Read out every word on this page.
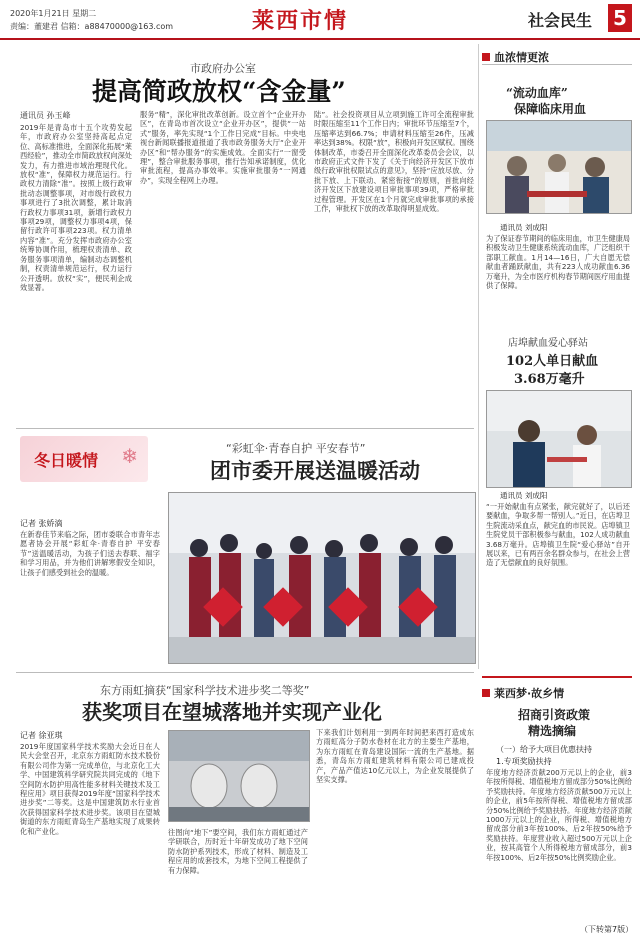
2020年1月21日 星期二
责编：董建君 信箱：a88470000@163.com	莱西市情	社会民生 5
市政府办公室
提高简政放权“含金量”
通讯员 孙玉峰
2019年是青岛市十五个攻势发起年，市政府办公室坚持高起点定位、高标准推进，全面深化拓展“莱西经验”，推动全市简政放权向深处发力，有力推进市域治理现代化。放权“准”，保障权力规范运行。行政权力清除“准”。按照上级行政审批动态调整事项，对市级行政权力事项进行了3批次调整，累计取消行政权力事项31项，新增行政权力事项29项，调整权力事项4项，保留行政许可事项223项。权力清单内容“准”。充分发挥市政府办公室统筹协调作用，梳理权责清单、政务服务事项清单，编制动态调整机制，权责清单规范运行，权力运行公开透明。放权“实”，便民利企成效显著。
服务“精”，深化审批改革创新。设立首个“企业开办区”，在青岛市首次设立“企业开办区”，提供“一站式”服务，率先实现“1个工作日完成”目标。中央电视台新闻联播报道报道了我市政务服务大厅“企业开办区”和“帮办服务”的实施成效。全面实行“一窗受理”，整合审批服务事项，推行告知承诺制度，优化审批流程，提高办事效率。实施审批服务“一网通办”，实现全程网上办理。
陆”。社会投资项目从立项到施工许可全流程审批时限压缩至11个工作日内；审批环节压缩至7个，压缩率达到66.7%；申请材料压缩至26件，压减率达到38%。权限“放”，积极向开发区赋权。围绕体制改革，市委召开全面深化改革委员会会议，以市政府正式文件下发了《关于向经济开发区下放市级行政审批权限试点的意见》，坚持“应放尽放、分批下放、上下联动、紧密衔接”的原则，首批向经济开发区下放建设项目审批事项39项，严格审批过程管理。开发区在1个月就完成审批事项的承接工作，审批权下放的改革取得明显成效。
血浓情更浓
“流动血库”
保障临床用血
通讯员 刘成阳
为了保证春节期间的临床用血，市卫生健康局积极发动卫生健康系统流动血库，广泛组织干部职工献血。1月14—16日，广大自愿无偿献血者踊跃献血，共有223人成功献血6.36万毫升，为全市医疗机构春节期间医疗用血提供了保障。
店埠献血爱心驿站
102人单日献血
3.68万毫升
通讯员 刘成阳
“一开始献血有点紧张，献完就好了，以后还要献血，争取多帮一帮别人。”近日，在店埠卫生院流动采血点，献完血的市民说。店埠镇卫生院党员干部积极参与献血，102人成功献血3.68万毫升。店埠镇卫生院“爱心驿站”自开展以来，已有两百余名群众参与，在社会上营造了无偿献血的良好氛围。
冬日暖情 ❄	“彩虹伞·青春自护 平安春节”
团市委开展送温暖活动
记者 张娇滴
在新春佳节来临之际，团市委联合市青年志愿者协会开展“彩虹伞·青春自护 平安春节”送温暖活动，为孩子们送去春联、福字和学习用品，并为他们讲解寒假安全知识，让孩子们感受到社会的温暖。
东方雨虹摘获“国家科学技术进步奖二等奖”
获奖项目在望城落地并实现产业化
记者 徐亚琪
2019年度国家科学技术奖励大会近日在人民大会堂召开，北京东方雨虹防水技术股份有限公司作为第一完成单位，与北京化工大学、中国建筑科学研究院共同完成的《地下空间防水防护用高性能多材料关键技术及工程应用》项目获得2019年度“国家科学技术进步奖”二等奖。这是中国建筑防水行业首次获得国家科学技术进步奖。该项目在望城街道的东方雨虹青岛生产基地实现了成果转化和产业化。	往图向“地下”要空间，我们东方雨虹通过产学研联合，历时近十年研发成功了地下空间防水防护系列技术，形成了材料、制造及工程应用的成套技术，为地下空间工程提供了有力保障。
下来我们计划利用一到两年时间把来西打造成东方雨虹高分子防水卷材在北方的主要生产基地，为东方雨虹在青岛建设国际一流的生产基地。据悉，青岛东方雨虹建筑材料有限公司已建成投产，产品产值达10亿元以上，为企业发展提供了坚实支撑。
莱西梦·故乡情
招商引资政策
精选摘编
（一）给予大项目优惠扶持
1.专项奖励扶持
年度地方经济贡献200万元以上的企业，前3年按所得税、增值税地方留成部分50%比例给予奖励扶持。年度地方经济贡献500万元以上的企业，前5年按所得税、增值税地方留成部分50%比例给予奖励扶持。年度地方经济贡献1000万元以上的企业，所得税、增值税地方留成部分前3年按100%、后2年按50%给予奖励扶持。年度营业收入超过500万元以上企业，按其高管个人所得税地方留成部分，前3年按100%、后2年按50%比例奖励企业。
（下转第7版）
